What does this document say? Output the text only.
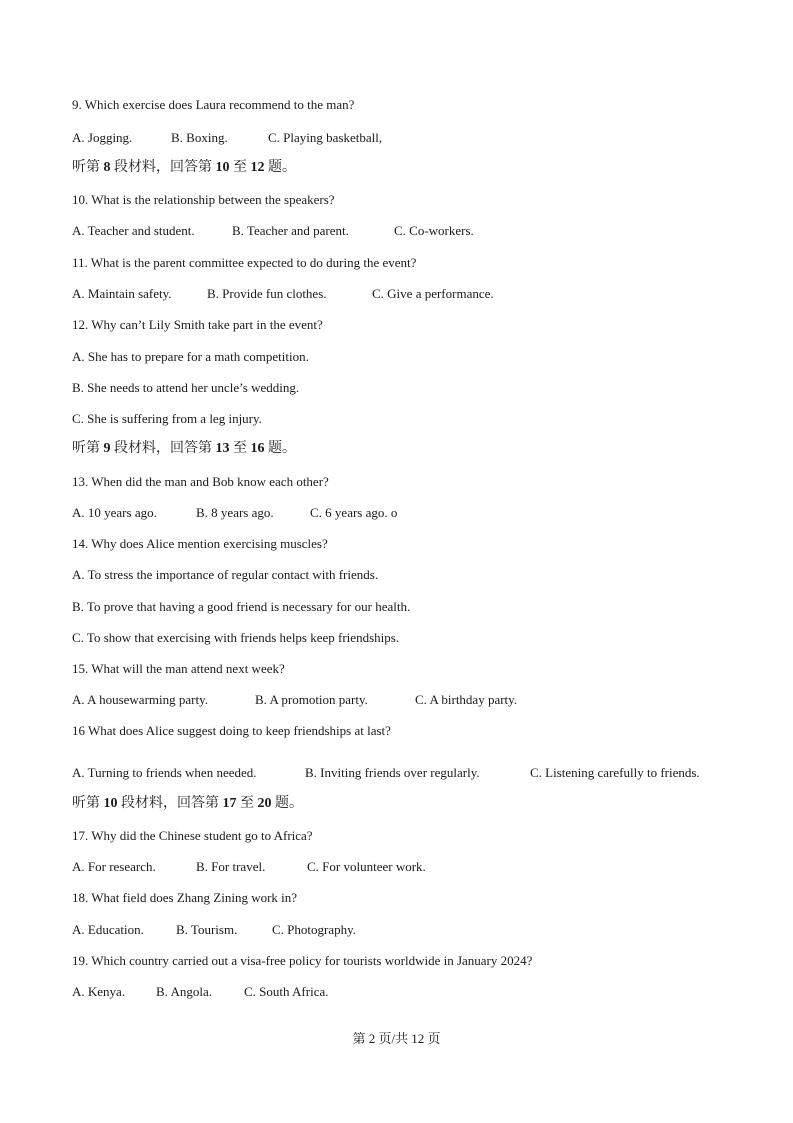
9. Which exercise does Laura recommend to the man?
A. Jogging.	B. Boxing.	C. Playing basketball,
听第 8 段材料，回答第 10 至 12 题。
10. What is the relationship between the speakers?
A. Teacher and student.	B. Teacher and parent.	C. Co-workers.
11. What is the parent committee expected to do during the event?
A. Maintain safety.	B. Provide fun clothes.	C. Give a performance.
12. Why can’t Lily Smith take part in the event?
A. She has to prepare for a math competition.
B. She needs to attend her uncle’s wedding.
C. She is suffering from a leg injury.
听第 9 段材料，回答第 13 至 16 题。
13. When did the man and Bob know each other?
A. 10 years ago.	B. 8 years ago.	C. 6 years ago. o
14. Why does Alice mention exercising muscles?
A. To stress the importance of regular contact with friends.
B. To prove that having a good friend is necessary for our health.
C. To show that exercising with friends helps keep friendships.
15. What will the man attend next week?
A. A housewarming party.	B. A promotion party.	C. A birthday party.
16 What does Alice suggest doing to keep friendships at last?
A. Turning to friends when needed.	B. Inviting friends over regularly.	C. Listening carefully to friends.
听第 10 段材料，回答第 17 至 20 题。
17. Why did the Chinese student go to Africa?
A. For research.	B. For travel.	C. For volunteer work.
18. What field does Zhang Zining work in?
A. Education. B. Tourism.	C. Photography.
19. Which country carried out a visa-free policy for tourists worldwide in January 2024?
A. Kenya. B. Angola. C. South Africa.
第 2 页/共 12 页
